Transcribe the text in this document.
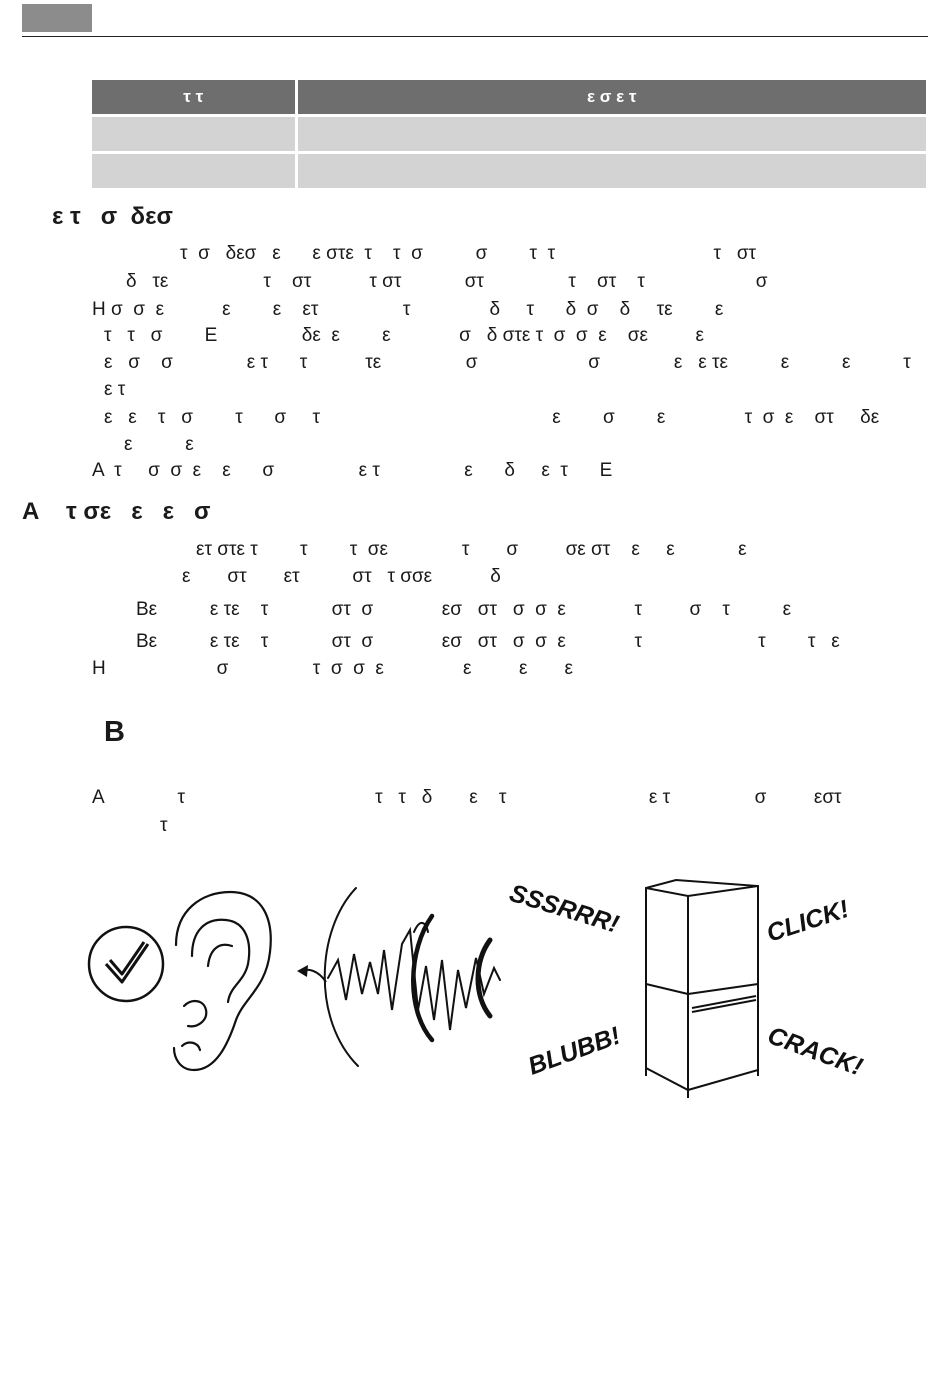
τ τ	ε σ ε τ

ε τ   σ  δεσ
τ  σ   δεσ   ε      ε στε  τ    τ  σ          σ        τ  τ                              τ   στ
δ   τε                  τ    στ           τ στ            στ                τ    στ    τ                     σ
Η σ  σ  ε           ε        ε    ετ                τ               δ     τ      δ  σ    δ     τε        ε
τ   τ   σ        Ε                δε  ε        ε             σ   δ στε τ  σ  σ  ε    σε         ε
ε   σ    σ              ε τ      τ           τε                σ                     σ              ε   ε τε          ε          ε          τ
ε τ
ε   ε    τ   σ        τ      σ     τ                                            ε        σ        ε               τ  σ  ε    στ     δε
ε          ε
Α  τ     σ  σ  ε    ε      σ                ε τ                ε      δ     ε  τ      Ε
Α    τ σε   ε   ε   σ
ετ στε τ        τ        τ  σε              τ       σ         σε στ    ε     ε            ε
ε       στ       ετ          στ   τ σσε           δ
Βε          ε τε    τ            στ  σ             εσ   στ   σ  σ  ε             τ         σ    τ          ε
Βε          ε τε    τ            στ  σ             εσ   στ   σ  σ  ε             τ                      τ        τ   ε
Η                     σ                τ  σ  σ  ε               ε         ε       ε
Β
Α              τ                                    τ   τ   δ       ε    τ                           ε τ                σ         εστ
τ
SSSRRR!	CLICK!
BLUBB!	CRACK!
